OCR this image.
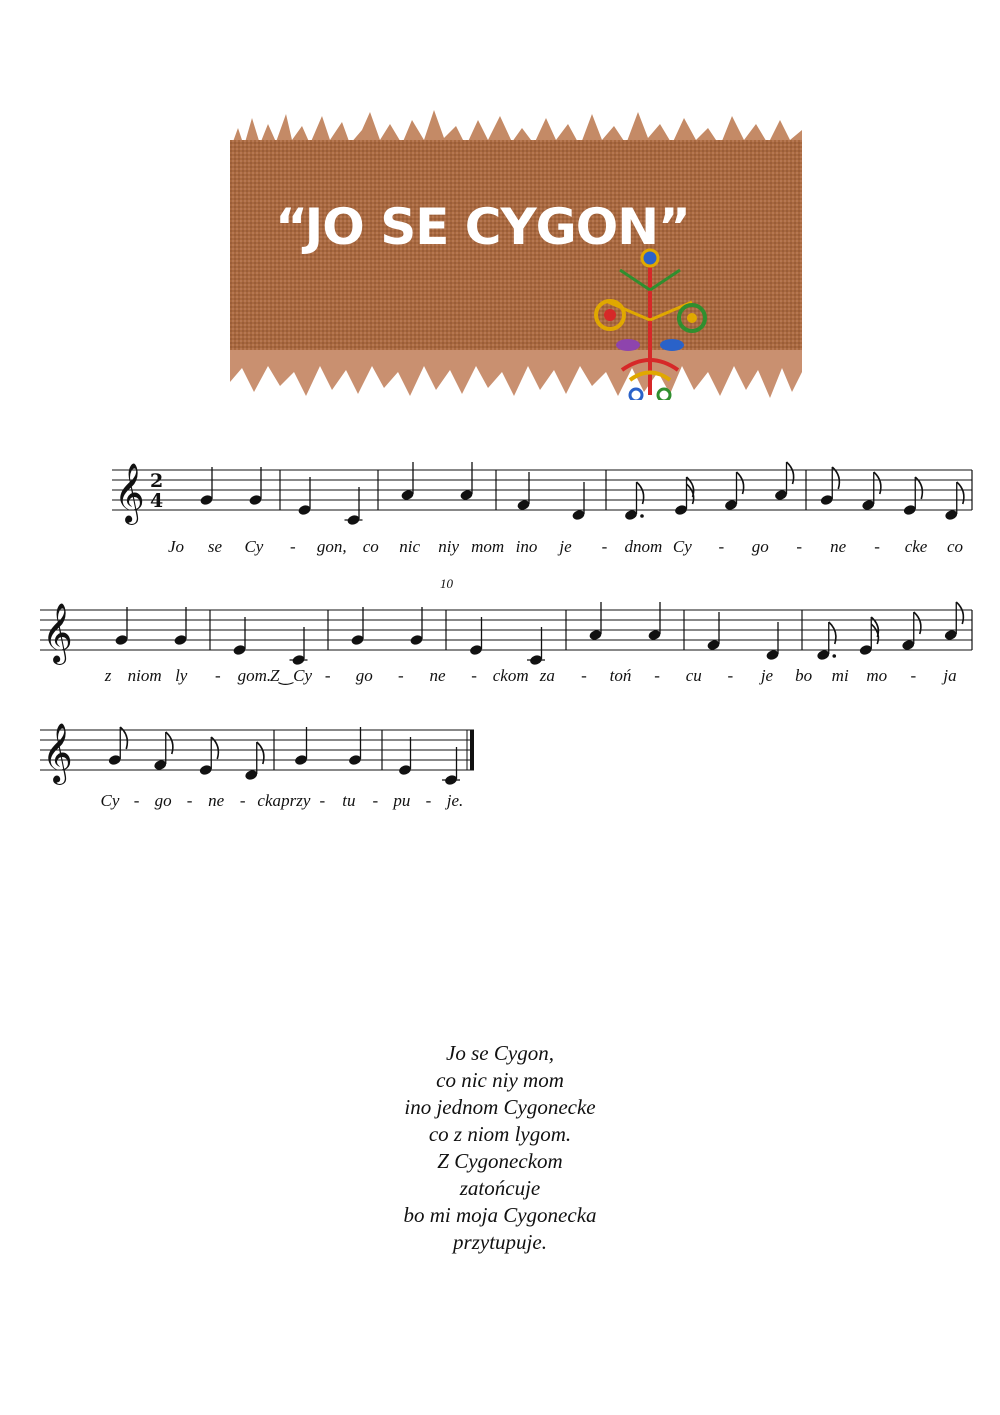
“JO SE CYGON”
𝄞 2
4
Jo se Cy - gon, co nic niy mom ino je - dnom Cy - go - ne - cke co
𝄞
10
z niom ly - gom.
Z‿Cy - go - ne - ckom za - toń - cu - je bo mi mo - ja
𝄞
Cy - go - ne - cka przy - tu - pu - je.
Jo se Cygon,
co nic niy mom
ino jednom Cygonecke
co z niom lygom.
Z Cygoneckom
zatońcuje
bo mi moja Cygonecka
przytupuje.
